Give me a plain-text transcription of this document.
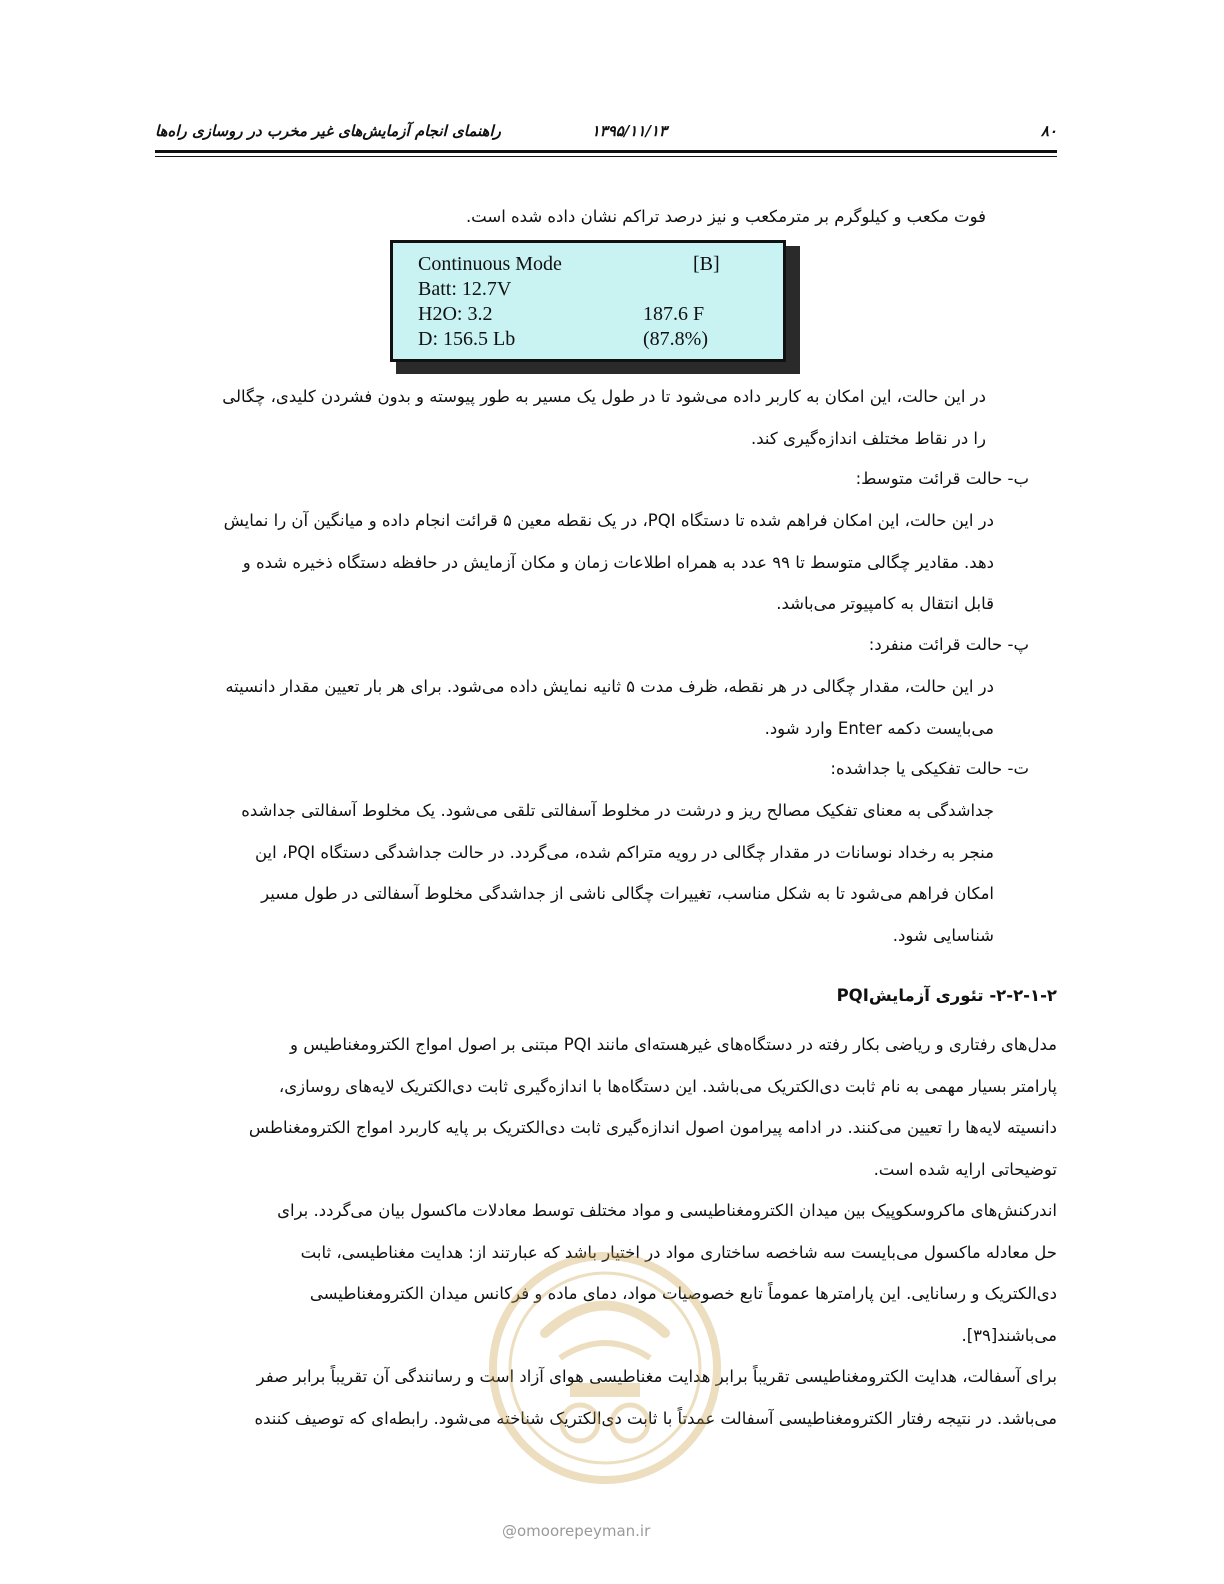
۸۰
۱۳۹۵/۱۱/۱۳
راهنمای انجام آزمایش‌های غیر مخرب در روسازی راه‌ها
فوت مکعب و کیلوگرم بر مترمکعب و نیز درصد تراکم نشان داده شده است.
Continuous Mode	[B]
Batt: 12.7V
H2O: 3.2	187.6 F
D: 156.5 Lb	(87.8%)
در این حالت، این امکان به کاربر داده می‌شود تا در طول یک مسیر به طور پیوسته و بدون فشردن کلیدی، چگالی
را در نقاط مختلف اندازه‌گیری کند.
ب- حالت قرائت متوسط:
در این حالت، این امکان فراهم شده تا دستگاه PQI، در یک نقطه معین ۵ قرائت انجام داده و میانگین آن را نمایش
دهد. مقادیر چگالی متوسط تا ۹۹ عدد به همراه اطلاعات زمان و مکان آزمایش در حافظه دستگاه ذخیره شده و
قابل انتقال به کامپیوتر می‌باشد.
پ- حالت قرائت منفرد:
در این حالت، مقدار چگالی در هر نقطه، ظرف مدت ۵ ثانیه نمایش داده می‌شود. برای هر بار تعیین مقدار دانسیته
می‌بایست دکمه Enter وارد شود.
ت- حالت تفکیکی یا جداشده:
جداشدگی به معنای تفکیک مصالح ریز و درشت در مخلوط آسفالتی تلقی می‌شود. یک مخلوط آسفالتی جداشده
منجر به رخداد نوسانات در مقدار چگالی در رویه متراکم شده، می‌گردد. در حالت جداشدگی دستگاه PQI، این
امکان فراهم می‌شود تا به شکل مناسب، تغییرات چگالی ناشی از جداشدگی مخلوط آسفالتی در طول مسیر
شناسایی شود.
۲-۲-۱-۲- تئوری آزمایشPQI
مدل‌های رفتاری و ریاضی بکار رفته در دستگاه‌های غیرهسته‌ای مانند PQI مبتنی بر اصول امواج الکترومغناطیس و
پارامتر بسیار مهمی به نام ثابت دی‌الکتریک می‌باشد. این دستگاه‌ها با اندازه‌گیری ثابت دی‌الکتریک لایه‌های روسازی،
دانسیته لایه‌ها را تعیین می‌کنند. در ادامه پیرامون اصول اندازه‌گیری ثابت دی‌الکتریک بر پایه کاربرد امواج الکترومغناطس
توضیحاتی ارایه شده است.
اندرکنش‌های ماکروسکوپیک بین میدان الکترومغناطیسی و مواد مختلف توسط معادلات ماکسول بیان می‌گردد. برای
حل معادله ماکسول می‌بایست سه شاخصه ساختاری مواد در اختیار باشد که عبارتند از: هدایت مغناطیسی، ثابت
دی‌الکتریک و رسانایی. این پارامترها عموماً تابع خصوصیات مواد، دمای ماده و فرکانس میدان الکترومغناطیسی
می‌باشند[۳۹].
برای آسفالت، هدایت الکترومغناطیسی تقریباً برابر هدایت مغناطیسی هوای آزاد است و رسانندگی آن تقریباً برابر صفر
می‌باشد. در نتیجه رفتار الکترومغناطیسی آسفالت عمدتاً با ثابت دی‌الکتریک شناخته می‌شود. رابطه‌ای که توصیف کننده
@omoorepeyman.ir
